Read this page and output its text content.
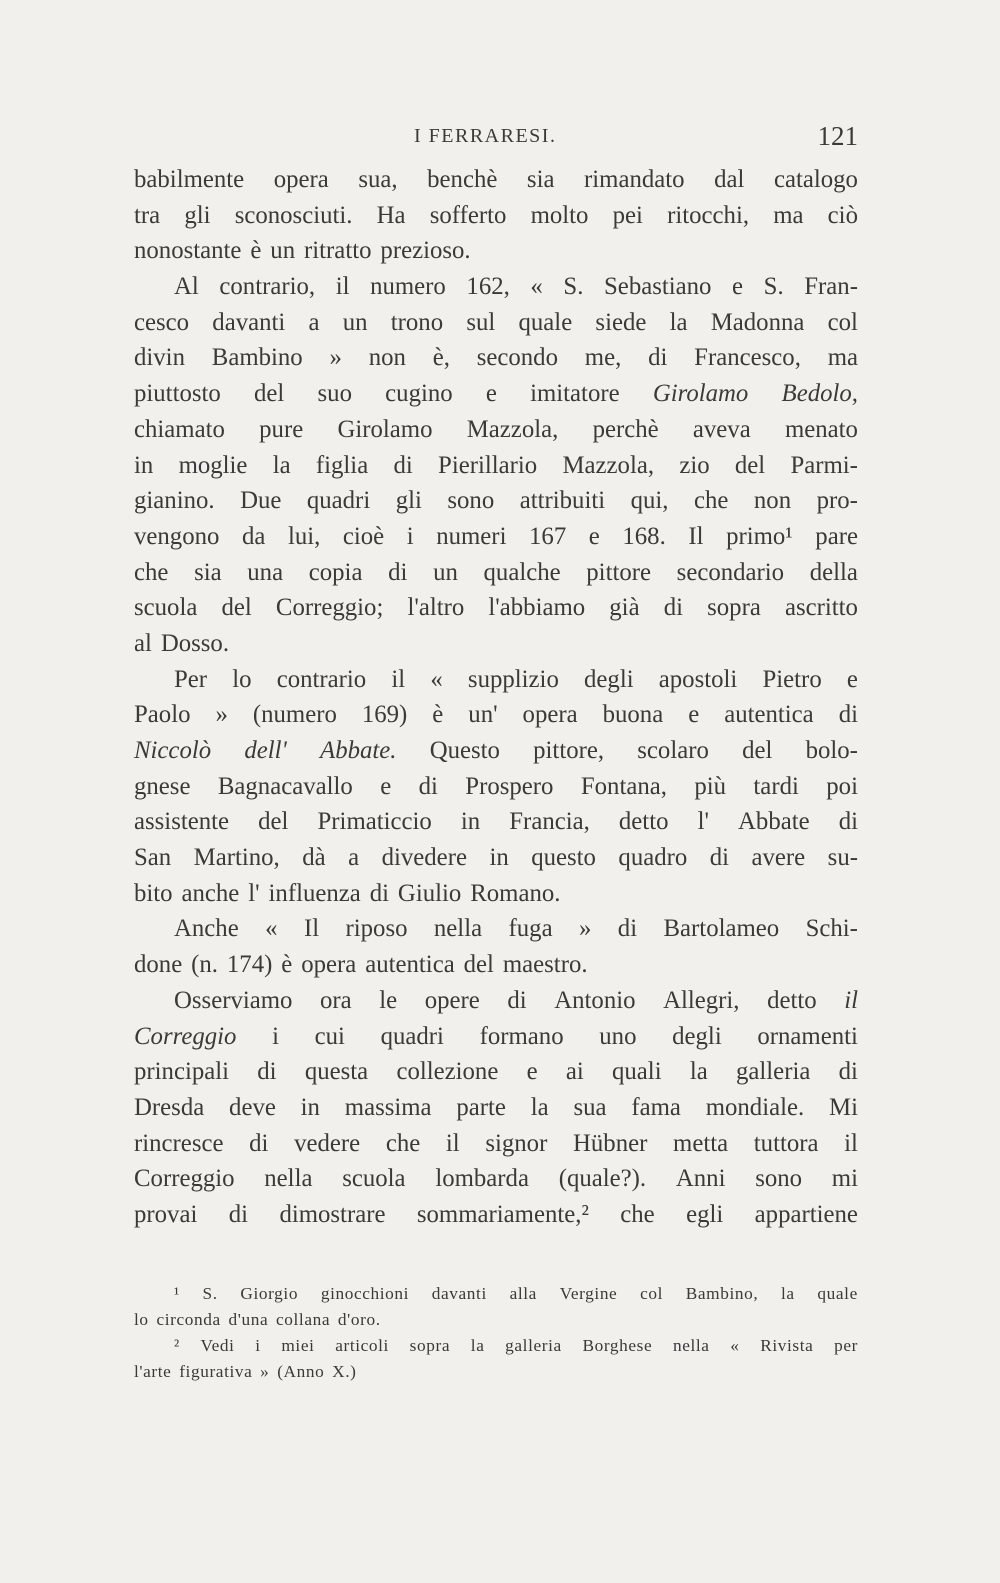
I FERRARESI.	121
babilmente opera sua, benchè sia rimandato dal catalogo
tra gli sconosciuti. Ha sofferto molto pei ritocchi, ma ciò
nonostante è un ritratto prezioso.
Al contrario, il numero 162, « S. Sebastiano e S. Fran-
cesco davanti a un trono sul quale siede la Madonna col
divin Bambino » non è, secondo me, di Francesco, ma
piuttosto del suo cugino e imitatore Girolamo Bedolo,
chiamato pure Girolamo Mazzola, perchè aveva menato
in moglie la figlia di Pierillario Mazzola, zio del Parmi-
gianino. Due quadri gli sono attribuiti qui, che non pro-
vengono da lui, cioè i numeri 167 e 168. Il primo¹ pare
che sia una copia di un qualche pittore secondario della
scuola del Correggio; l'altro l'abbiamo già di sopra ascritto
al Dosso.
Per lo contrario il « supplizio degli apostoli Pietro e
Paolo » (numero 169) è un' opera buona e autentica di
Niccolò dell' Abbate. Questo pittore, scolaro del bolo-
gnese Bagnacavallo e di Prospero Fontana, più tardi poi
assistente del Primaticcio in Francia, detto l' Abbate di
San Martino, dà a divedere in questo quadro di avere su-
bito anche l' influenza di Giulio Romano.
Anche « Il riposo nella fuga » di Bartolameo Schi-
done (n. 174) è opera autentica del maestro.
Osserviamo ora le opere di Antonio Allegri, detto il
Correggio i cui quadri formano uno degli ornamenti
principali di questa collezione e ai quali la galleria di
Dresda deve in massima parte la sua fama mondiale. Mi
rincresce di vedere che il signor Hübner metta tuttora il
Correggio nella scuola lombarda (quale?). Anni sono mi
provai di dimostrare sommariamente,² che egli appartiene
¹ S. Giorgio ginocchioni davanti alla Vergine col Bambino, la quale
lo circonda d'una collana d'oro.
² Vedi i miei articoli sopra la galleria Borghese nella « Rivista per
l'arte figurativa » (Anno X.)
